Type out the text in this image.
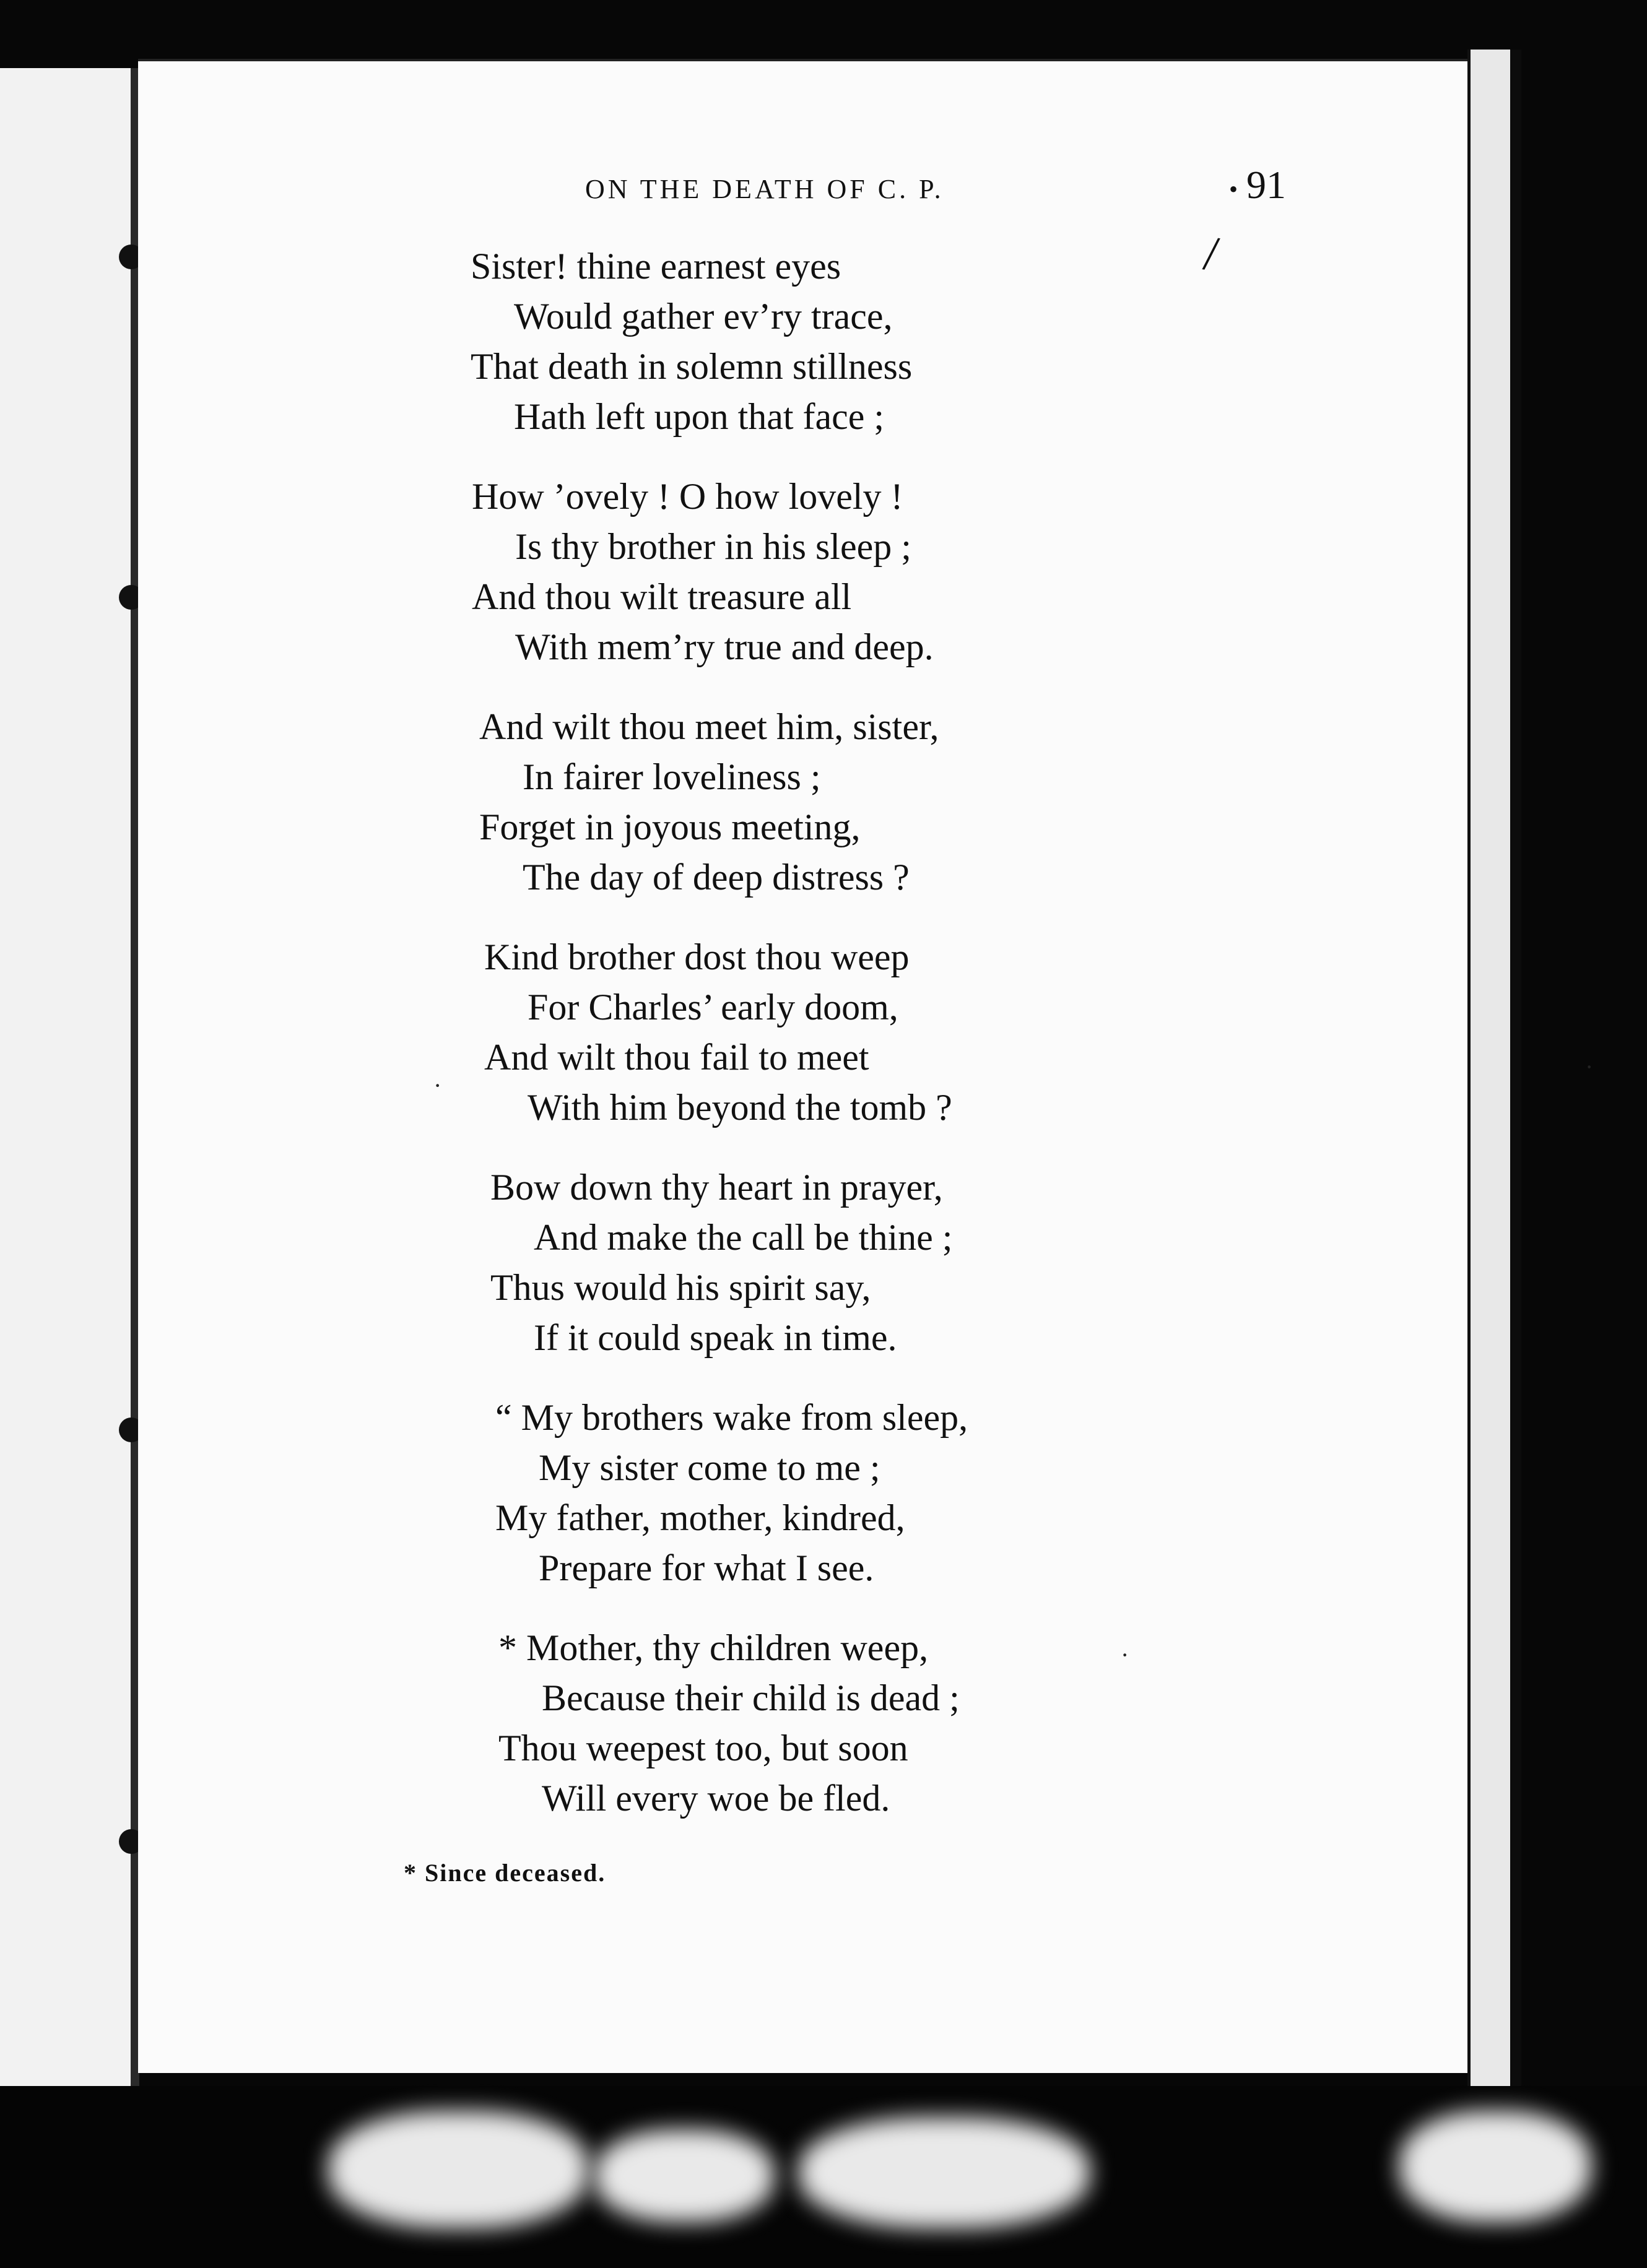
ON THE DEATH OF C. P.
•	91
/
Sister! thine earnest eyes
Would gather ev’ry trace,
That death in solemn stillness
Hath left upon that face ;
How ’ovely ! O how lovely !
Is thy brother in his sleep ;
And thou wilt treasure all
With mem’ry true and deep.
And wilt thou meet him, sister,
In fairer loveliness ;
Forget in joyous meeting,
The day of deep distress ?
Kind brother dost thou weep
For Charles’ early doom,
And wilt thou fail to meet
With him beyond the tomb ?
Bow down thy heart in prayer,
And make the call be thine ;
Thus would his spirit say,
If it could speak in time.
“ My brothers wake from sleep,
My sister come to me ;
My father, mother, kindred,
Prepare for what I see.
* Mother, thy children weep,
Because their child is dead ;
Thou weepest too, but soon
Will every woe be fled.
* Since deceased.
·
·
·
